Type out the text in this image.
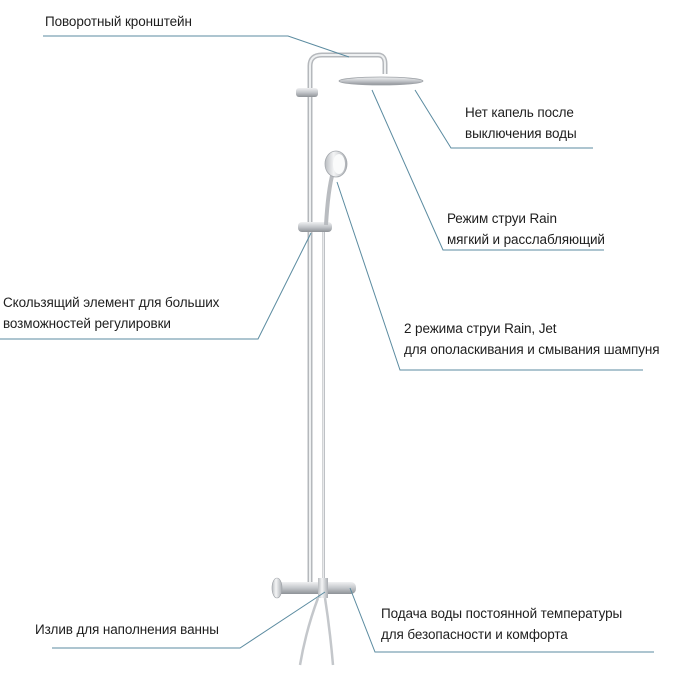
Поворотный кронштейн
Нет капель после
выключения воды
Режим струи Rain
мягкий и расслабляющий
Скользящий элемент для больших
возможностей регулировки	2 режима струи Rain, Jet
для ополаскивания и смывания шампуня
Излив для наполнения ванны
Подача воды постоянной температуры
для безопасности и комфорта
